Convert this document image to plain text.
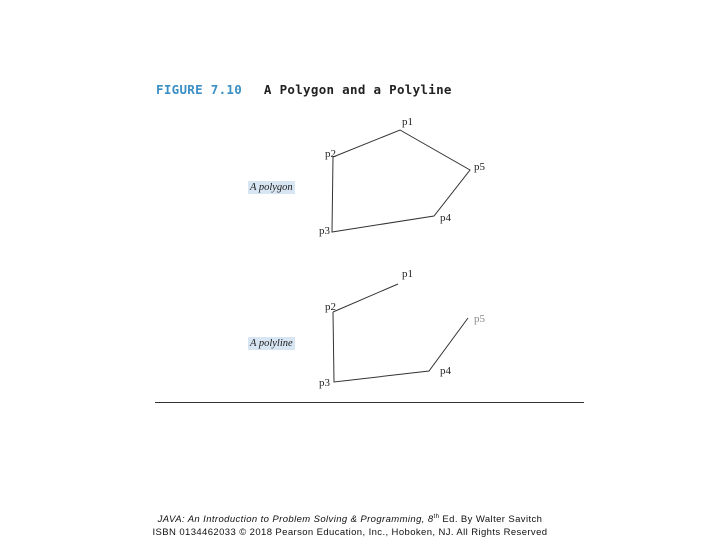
FIGURE 7.10 A Polygon and a Polyline
A polygon
p1
p2
p5
p4
p3
A polyline
p1
p2
p5
p4
p3
JAVA: An Introduction to Problem Solving & Programming, 8th Ed. By Walter Savitch
ISBN 0134462033 © 2018 Pearson Education, Inc., Hoboken, NJ. All Rights Reserved
